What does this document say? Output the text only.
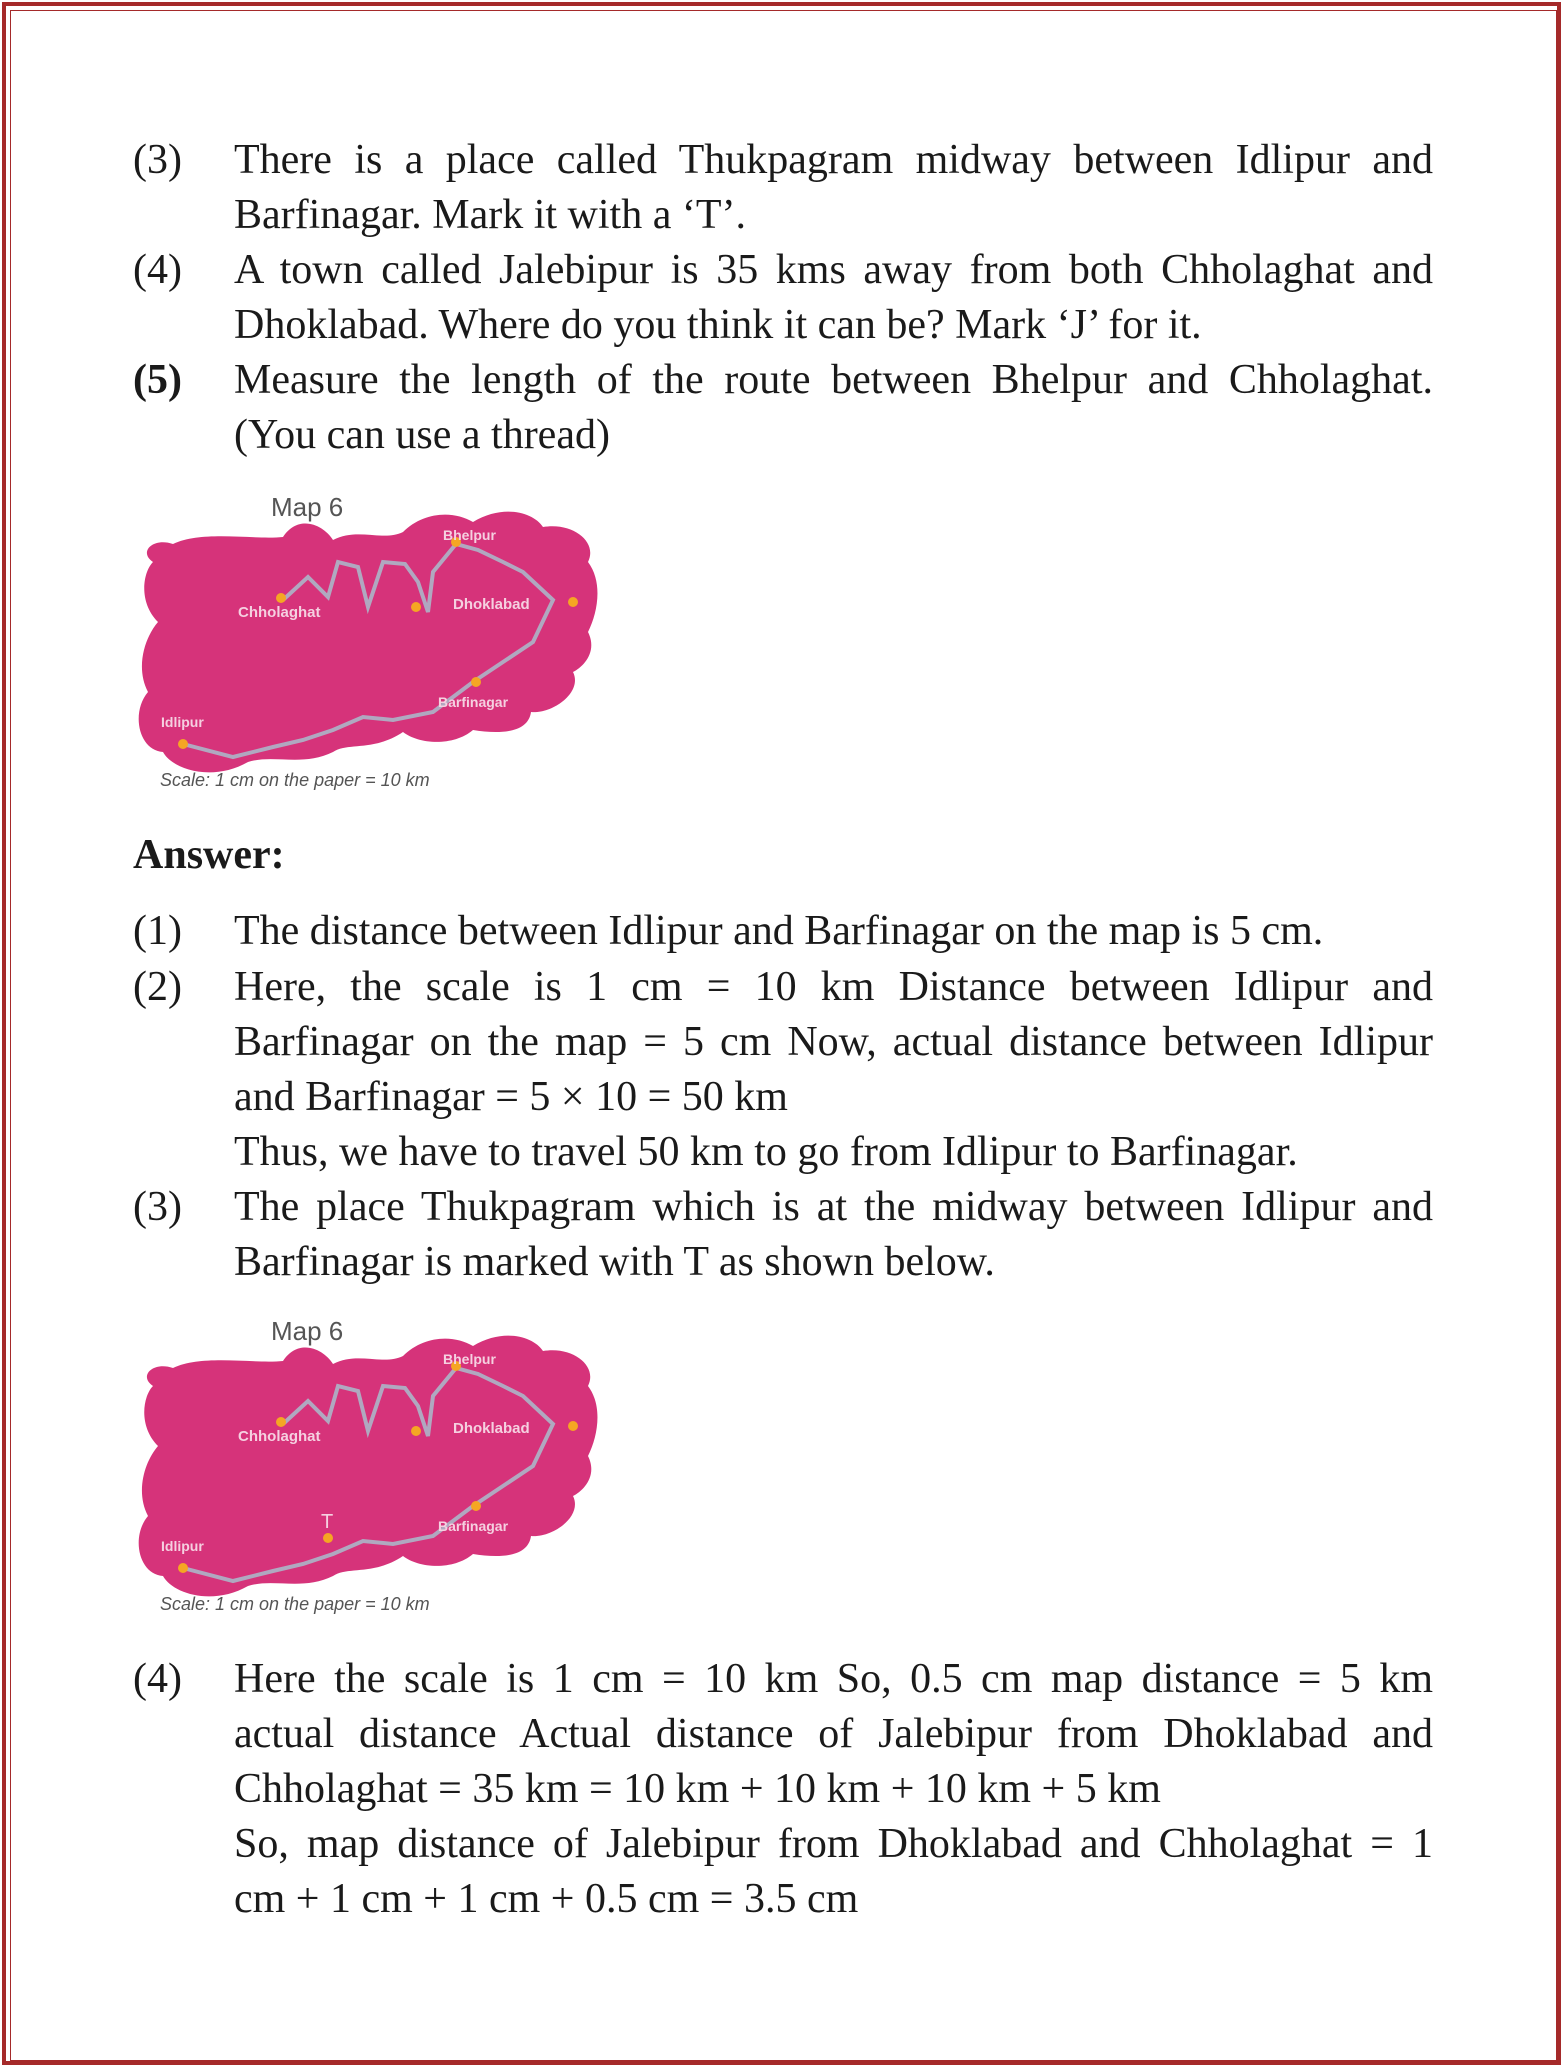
(3)	There is a place called Thukpagram midway between Idlipur and
Barfinagar. Mark it with a ‘T’.
(4)	A town called Jalebipur is 35 kms away from both Chholaghat and
Dhoklabad. Where do you think it can be? Mark ‘J’ for it.
(5)	Measure the length of the route between Bhelpur and Chholaghat.
(You can use a thread)
Map 6
Bhelpur
Chholaghat	Dhoklabad
Barfinagar
Idlipur
Scale: 1 cm on the paper = 10 km
Answer:
(1)	The distance between Idlipur and Barfinagar on the map is 5 cm.
(2)	Here, the scale is 1 cm = 10 km Distance between Idlipur and
Barfinagar on the map = 5 cm Now, actual distance between Idlipur
and Barfinagar = 5 × 10 = 50 km
Thus, we have to travel 50 km to go from Idlipur to Barfinagar.
(3)	The place Thukpagram which is at the midway between Idlipur and
Barfinagar is marked with T as shown below.
Map 6
T
Bhelpur
Chholaghat	Dhoklabad
Barfinagar
Idlipur
Scale: 1 cm on the paper = 10 km
(4)	Here the scale is 1 cm = 10 km So, 0.5 cm map distance = 5 km
actual distance Actual distance of Jalebipur from Dhoklabad and
Chholaghat = 35 km = 10 km + 10 km + 10 km + 5 km
So, map distance of Jalebipur from Dhoklabad and Chholaghat = 1
cm + 1 cm + 1 cm + 0.5 cm = 3.5 cm
